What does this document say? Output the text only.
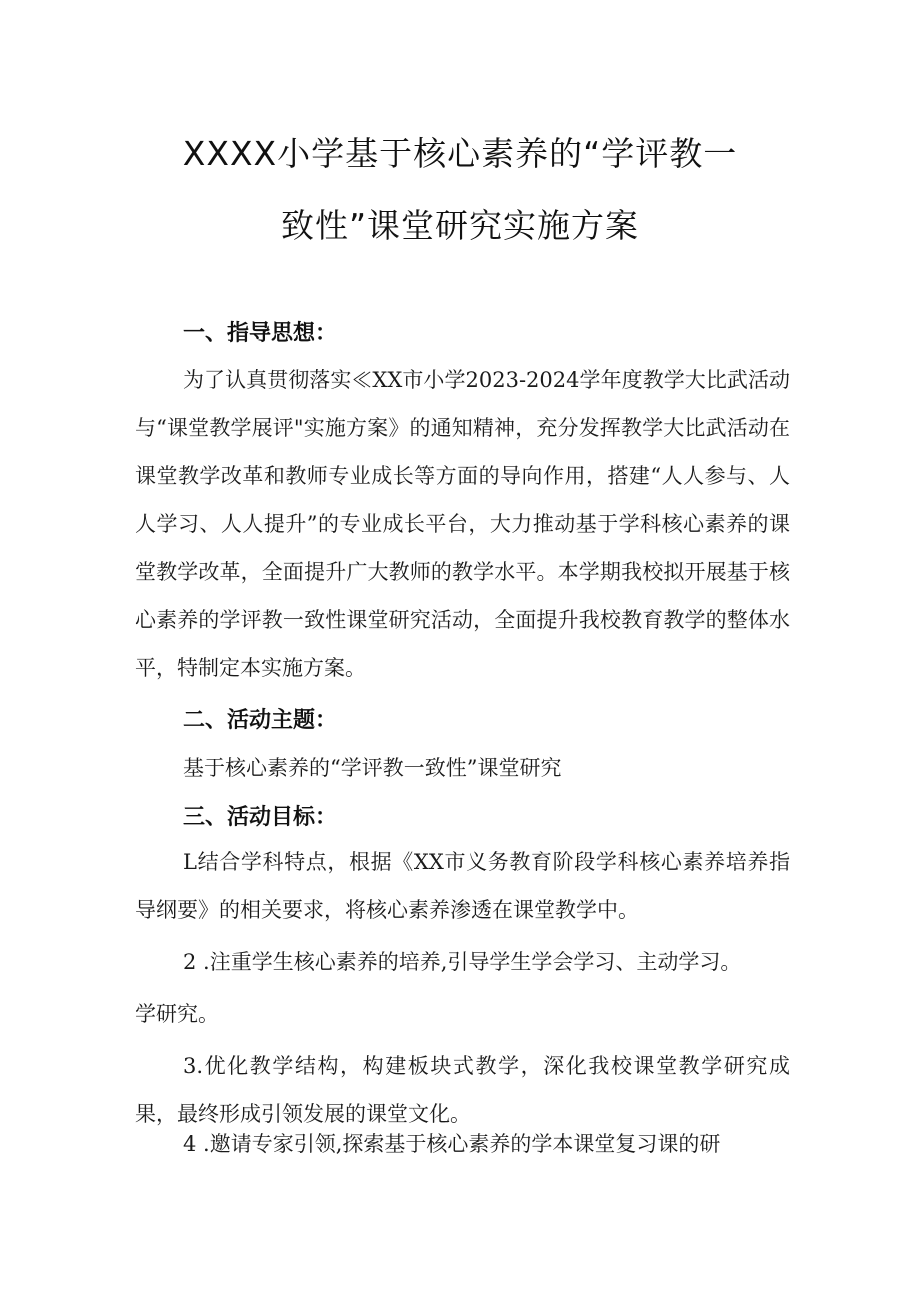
XXXX小学基于核心素养的“学评教一
致性”课堂研究实施方案
一、指导思想：
为了认真贯彻落实≪XX市小学2023-2024学年度教学大比武活动与“课堂教学展评"实施方案》的通知精神，充分发挥教学大比武活动在课堂教学改革和教师专业成长等方面的导向作用，搭建“人人参与、人人学习、人人提升”的专业成长平台，大力推动基于学科核心素养的课堂教学改革，全面提升广大教师的教学水平。本学期我校拟开展基于核心素养的学评教一致性课堂研究活动，全面提升我校教育教学的整体水平，特制定本实施方案。
二、活动主题：
基于核心素养的“学评教一致性”课堂研究
三、活动目标：
L结合学科特点，根据《XX市义务教育阶段学科核心素养培养指导纲要》的相关要求，将核心素养渗透在课堂教学中。
2 .注重学生核心素养的培养,引导学生学会学习、主动学习。
学研究。
3.优化教学结构，构建板块式教学，深化我校课堂教学研究成果，最终形成引领发展的课堂文化。
4 .邀请专家引领,探索基于核心素养的学本课堂复习课的研
